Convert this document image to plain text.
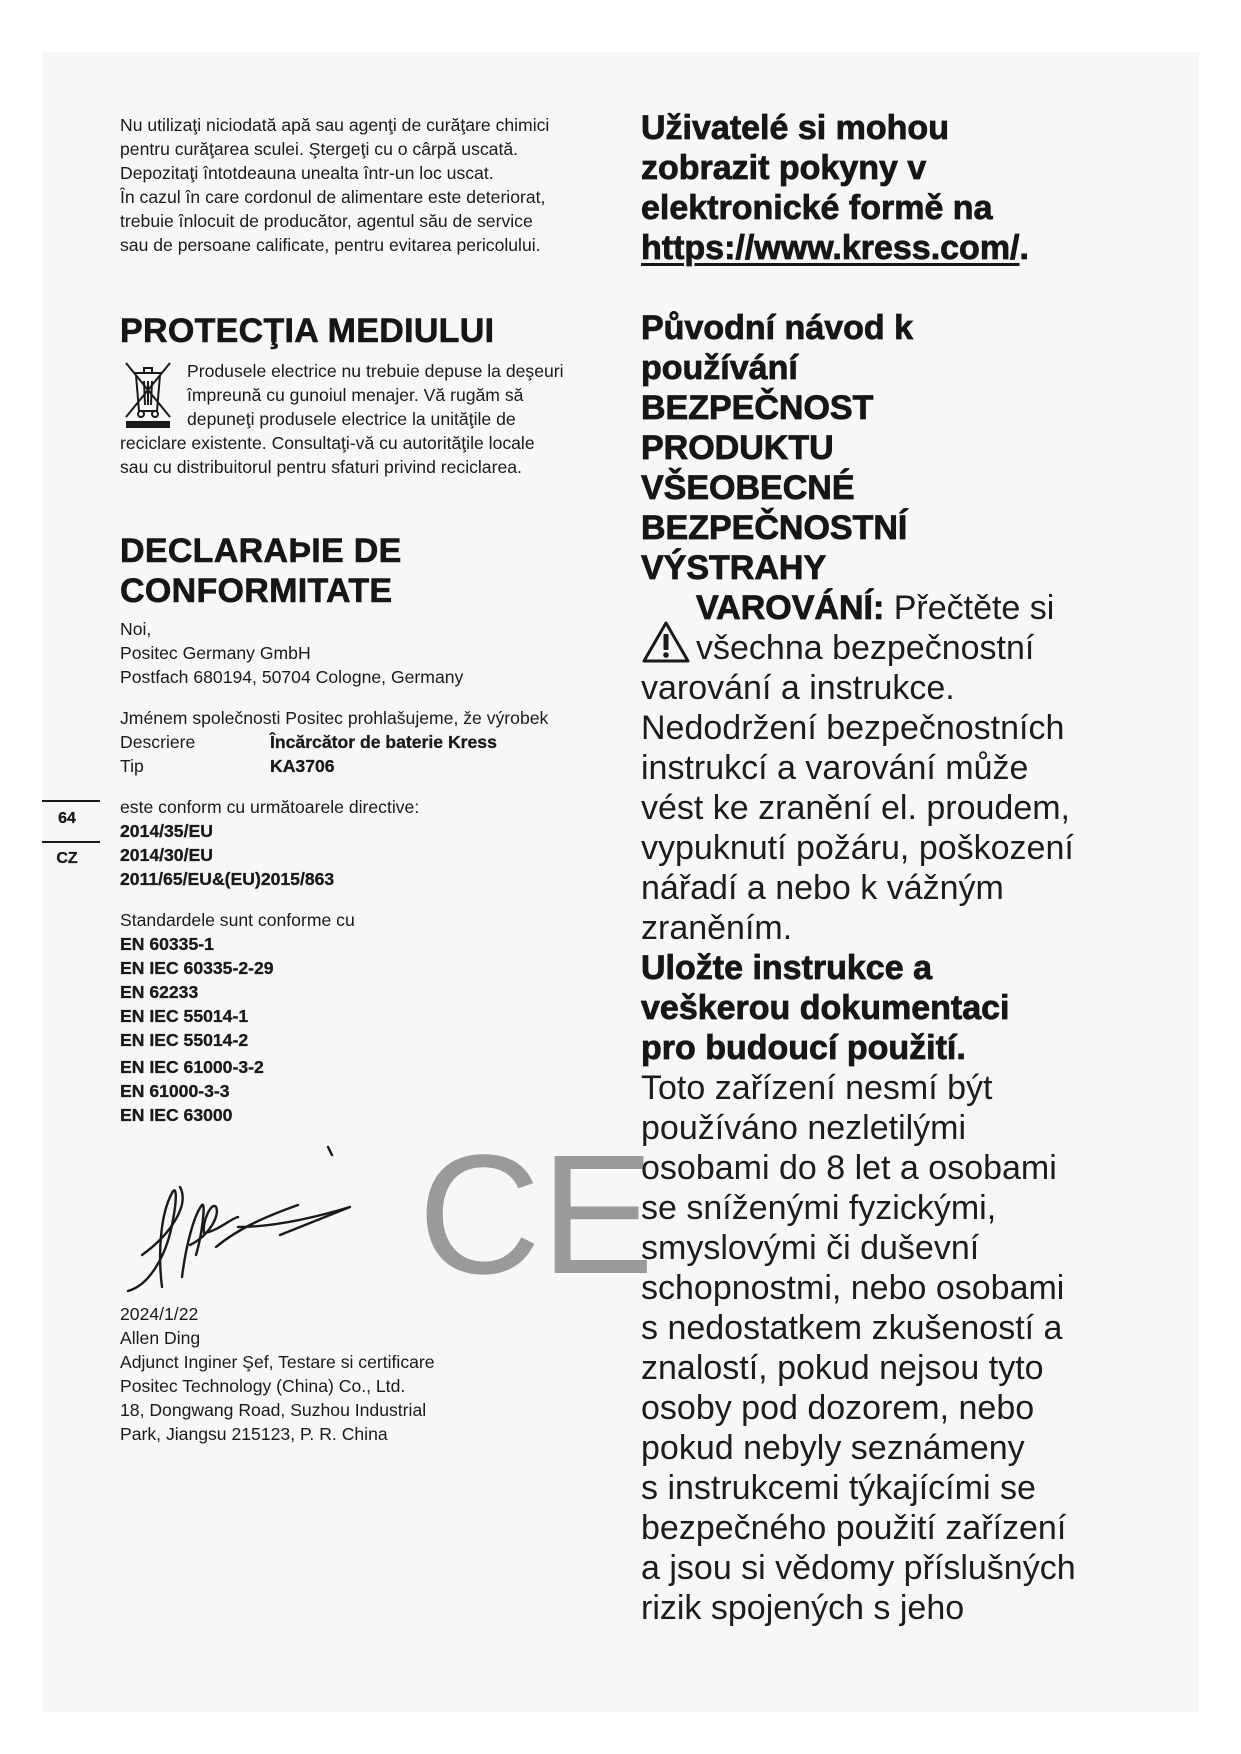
64
CZ

Nu utilizaţi niciodată apă sau agenţi de curăţare chimici

pentru curăţarea sculei. Ştergeţi cu o cârpă uscată.

Depozitaţi întotdeauna unealta într-un loc uscat.

În cazul în care cordonul de alimentare este deteriorat,

trebuie înlocuit de producător, agentul său de service

sau de persoane calificate, pentru evitarea pericolului.

PROTECŢIA MEDIULUI

Produsele electrice nu trebuie depuse la deşeuri

împreună cu gunoiul menajer. Vă rugăm să

depuneţi produsele electrice la unităţile de

reciclare existente. Consultaţi-vă cu autorităţile locale

sau cu distribuitorul pentru sfaturi privind reciclarea.

DECLARAÞIE DE
CONFORMITATE

Noi,

Positec Germany GmbH

Postfach 680194, 50704 Cologne, Germany

Jménem společnosti Positec prohlašujeme, že výrobek

Descriere	Încărcător de baterie Kress
Tip	KA3706

este conform cu următoarele directive:

2014/35/EU

2014/30/EU

2011/65/EU&(EU)2015/863

Standardele sunt conforme cu

EN 60335-1

EN IEC 60335-2-29

EN 62233

EN IEC 55014-1

EN IEC 55014-2

EN IEC 61000-3-2

EN 61000-3-3

EN IEC 63000

CE

2024/1/22

Allen Ding

Adjunct Inginer Şef, Testare si certificare

Positec Technology (China) Co., Ltd.

18, Dongwang Road, Suzhou Industrial

Park, Jiangsu 215123, P. R. China

Uživatelé si mohou

zobrazit pokyny v

elektronické formě na

https://www.kress.com/.

Původní návod k

používání

BEZPEČNOST

PRODUKTU

VŠEOBECNÉ

BEZPEČNOSTNÍ

VÝSTRAHY

VAROVÁNÍ: Přečtěte si

všechna bezpečnostní

varování a instrukce.

Nedodržení bezpečnostních

instrukcí a varování může

vést ke zranění el. proudem,

vypuknutí požáru, poškození

nářadí a nebo k vážným

zraněním.

Uložte instrukce a

veškerou dokumentaci

pro budoucí použití.

Toto zařízení nesmí být

používáno nezletilými

osobami do 8 let a osobami

se sníženými fyzickými,

smyslovými či duševní

schopnostmi, nebo osobami

s nedostatkem zkušeností a

znalostí, pokud nejsou tyto

osoby pod dozorem, nebo

pokud nebyly seznámeny

s instrukcemi týkajícími se

bezpečného použití zařízení

a jsou si vědomy příslušných

rizik spojených s jeho
